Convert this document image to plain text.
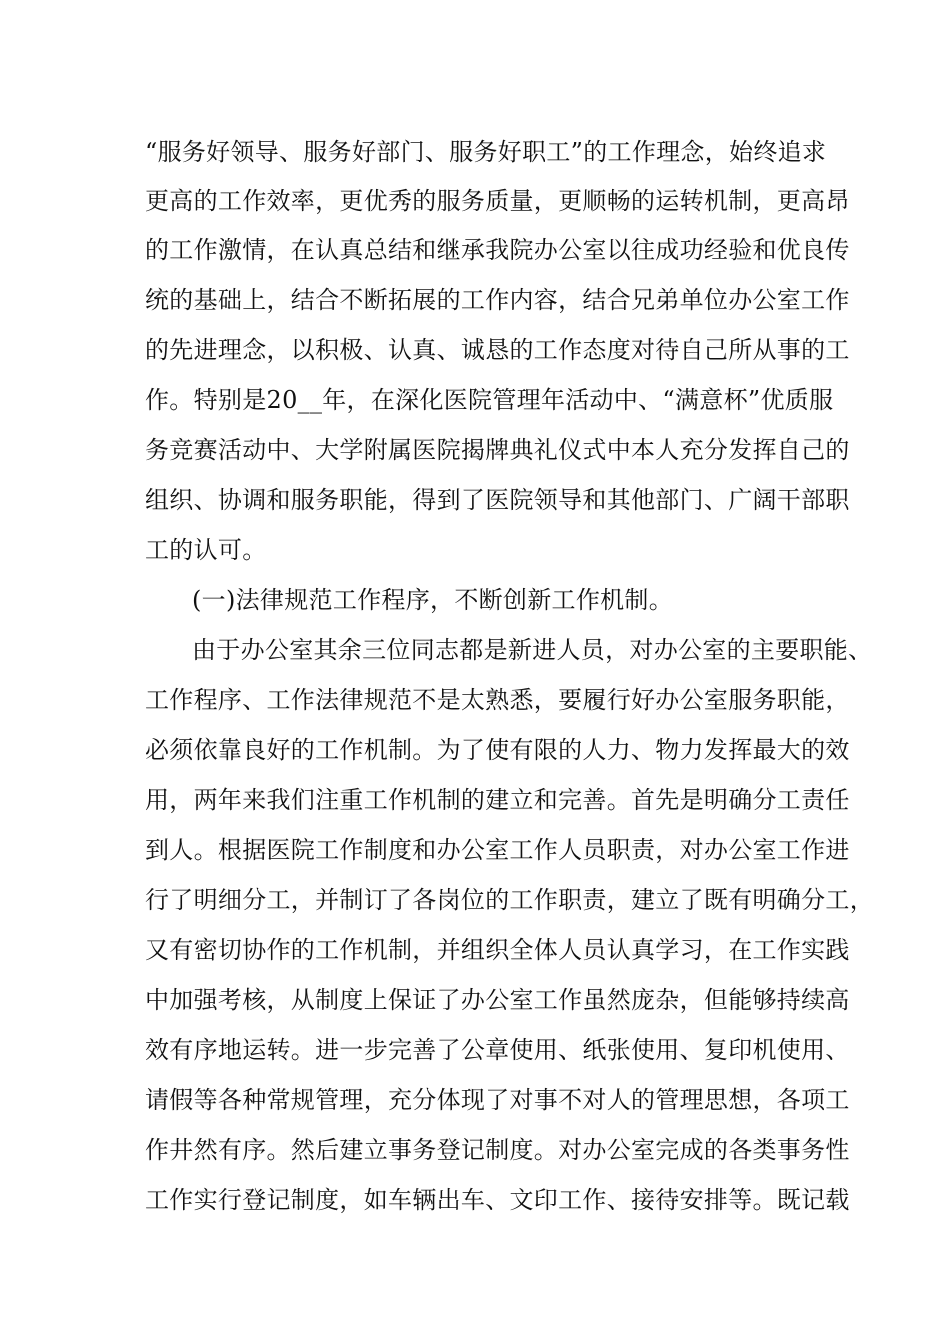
“服务好领导、服务好部门、服务好职工”的工作理念，始终追求
更高的工作效率，更优秀的服务质量，更顺畅的运转机制，更高昂
的工作激情，在认真总结和继承我院办公室以往成功经验和优良传
统的基础上，结合不断拓展的工作内容，结合兄弟单位办公室工作
的先进理念，以积极、认真、诚恳的工作态度对待自己所从事的工
作。特别是20__年，在深化医院管理年活动中、“满意杯”优质服
务竞赛活动中、大学附属医院揭牌典礼仪式中本人充分发挥自己的
组织、协调和服务职能，得到了医院领导和其他部门、广阔干部职
工的认可。
(一)法律规范工作程序，不断创新工作机制。
由于办公室其余三位同志都是新进人员，对办公室的主要职能、
工作程序、工作法律规范不是太熟悉，要履行好办公室服务职能，
必须依靠良好的工作机制。为了使有限的人力、物力发挥最大的效
用，两年来我们注重工作机制的建立和完善。首先是明确分工责任
到人。根据医院工作制度和办公室工作人员职责，对办公室工作进
行了明细分工，并制订了各岗位的工作职责，建立了既有明确分工，
又有密切协作的工作机制，并组织全体人员认真学习，在工作实践
中加强考核，从制度上保证了办公室工作虽然庞杂，但能够持续高
效有序地运转。进一步完善了公章使用、纸张使用、复印机使用、
请假等各种常规管理，充分体现了对事不对人的管理思想，各项工
作井然有序。然后建立事务登记制度。对办公室完成的各类事务性
工作实行登记制度，如车辆出车、文印工作、接待安排等。既记载
